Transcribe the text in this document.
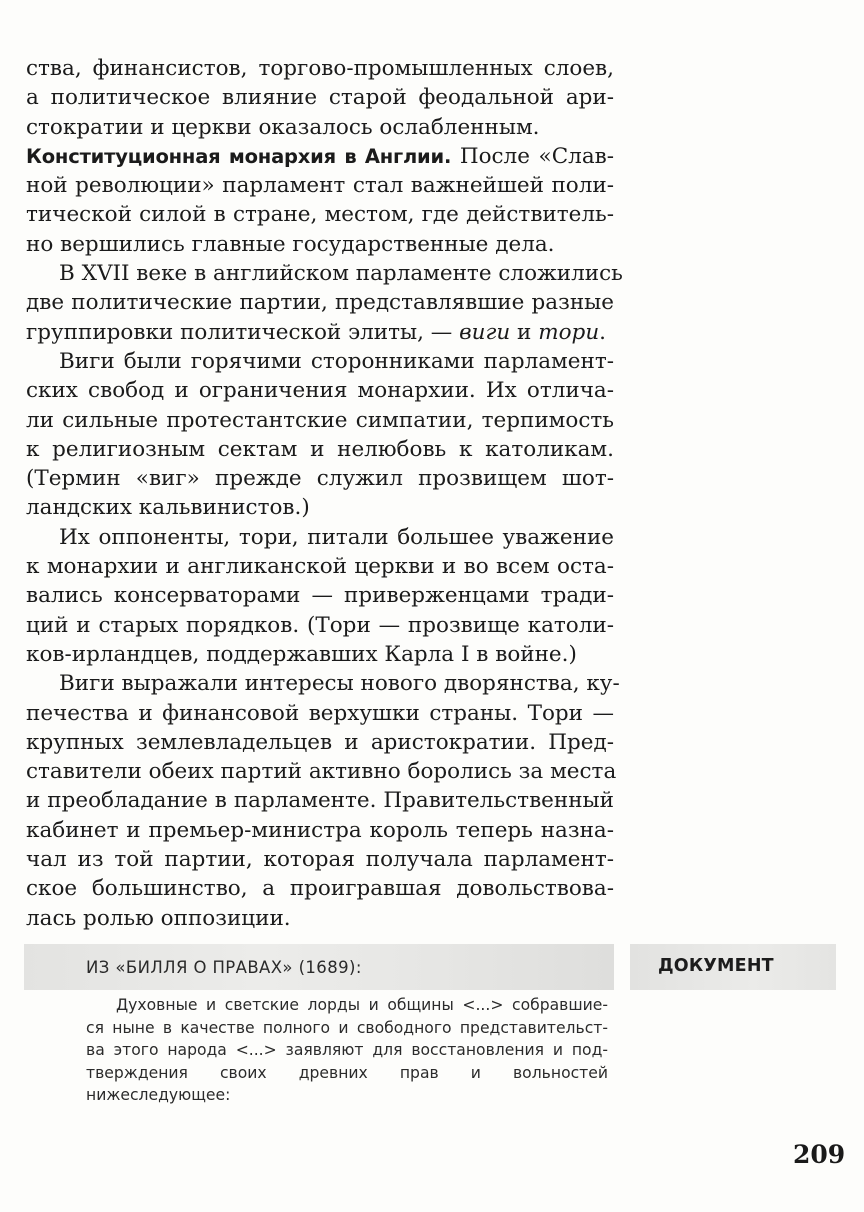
ства, финансистов, торгово-промышленных слоев,
а политическое влияние старой феодальной ари-
стократии и церкви оказалось ослабленным.
Конституционная монархия в Англии. После «Слав-
ной революции» парламент стал важнейшей поли-
тической силой в стране, местом, где действитель-
но вершились главные государственные дела.
В XVII веке в английском парламенте сложились
две политические партии, представлявшие разные
группировки политической элиты, — виги и тори.
Виги были горячими сторонниками парламент-
ских свобод и ограничения монархии. Их отлича-
ли сильные протестантские симпатии, терпимость
к религиозным сектам и нелюбовь к католикам.
(Термин «виг» прежде служил прозвищем шот-
ландских кальвинистов.)
Их оппоненты, тори, питали большее уважение
к монархии и англиканской церкви и во всем оста-
вались консерваторами — приверженцами тради-
ций и старых порядков. (Тори — прозвище католи-
ков-ирландцев, поддержавших Карла I в войне.)
Виги выражали интересы нового дворянства, ку-
печества и финансовой верхушки страны. Тори —
крупных землевладельцев и аристократии. Пред-
ставители обеих партий активно боролись за места
и преобладание в парламенте. Правительственный
кабинет и премьер-министра король теперь назна-
чал из той партии, которая получала парламент-
ское большинство, а проигравшая довольствова-
лась ролью оппозиции.
ИЗ «БИЛЛЯ О ПРАВАХ» (1689):	ДОКУМЕНТ
Духовные и светские лорды и общины <...> собравшие-
ся ныне в качестве полного и свободного представительст-
ва этого народа <...> заявляют для восстановления и под-
тверждения своих древних прав и вольностей
нижеследующее:
209
